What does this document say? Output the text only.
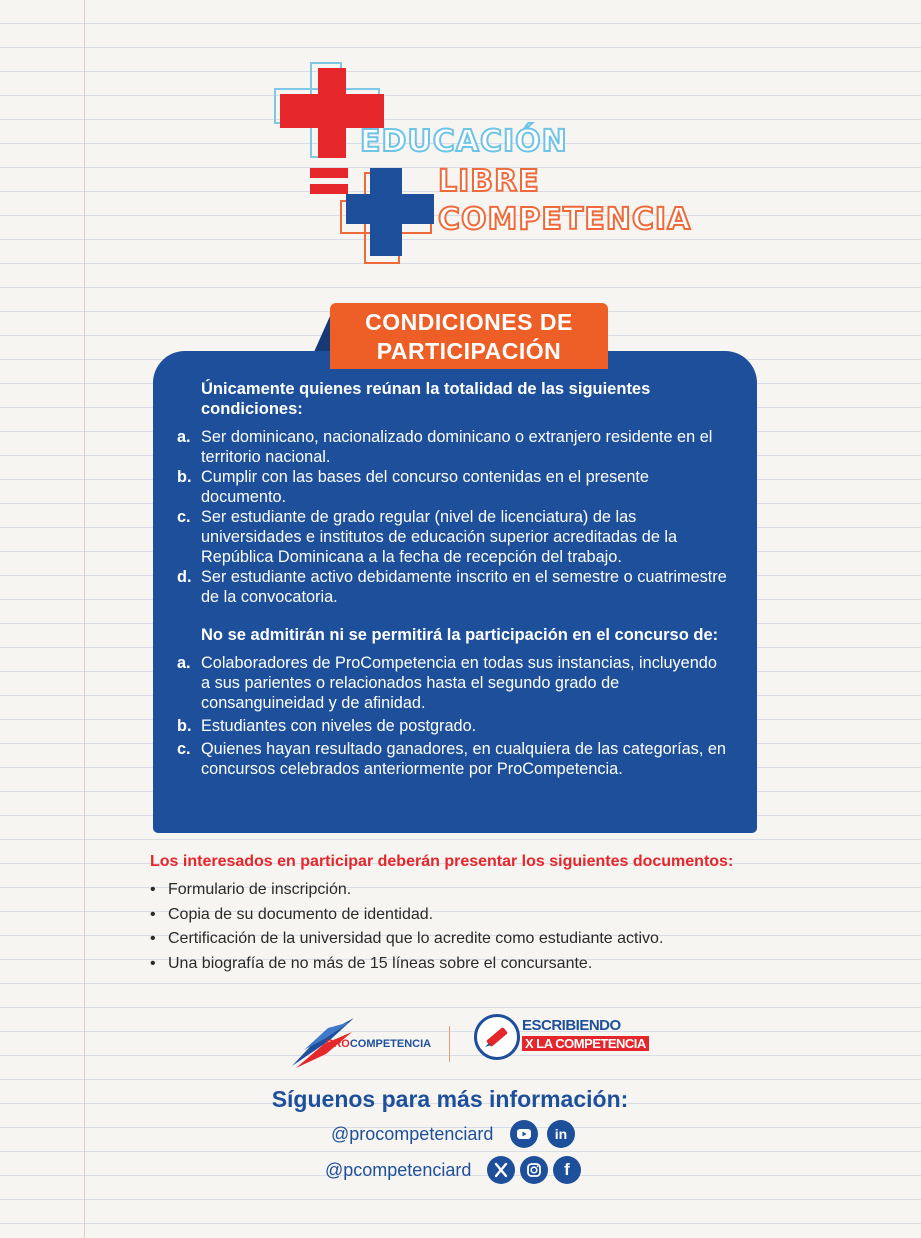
EDUCACIÓN
LIBRE
COMPETENCIA
Únicamente quienes reúnan la totalidad de las siguientes condiciones:
a. Ser dominicano, nacionalizado dominicano o extranjero residente en el territorio nacional.
b. Cumplir con las bases del concurso contenidas en el presente documento.
c. Ser estudiante de grado regular (nivel de licenciatura) de las universidades e institutos de educación superior acreditadas de la República Dominicana a la fecha de recepción del trabajo.
d. Ser estudiante activo debidamente inscrito en el semestre o cuatrimestre de la convocatoria.
No se admitirán ni se permitirá la participación en el concurso de:
a. Colaboradores de ProCompetencia en todas sus instancias, incluyendo a sus parientes o relacionados hasta el segundo grado de consanguineidad y de afinidad.
b. Estudiantes con niveles de postgrado.
c. Quienes hayan resultado ganadores, en cualquiera de las categorías, en concursos celebrados anteriormente por ProCompetencia.
CONDICIONES DE
PARTICIPACIÓN
Los interesados en participar deberán presentar los siguientes documentos:
• Formulario de inscripción.
• Copia de su documento de identidad.
• Certificación de la universidad que lo acredite como estudiante activo.
• Una biografía de no más de 15 líneas sobre el concursante.
PROCOMPETENCIA
ESCRIBIENDO
X LA COMPETENCIA
Síguenos para más información:
@procompetenciard	in
@pcompetenciard	f
